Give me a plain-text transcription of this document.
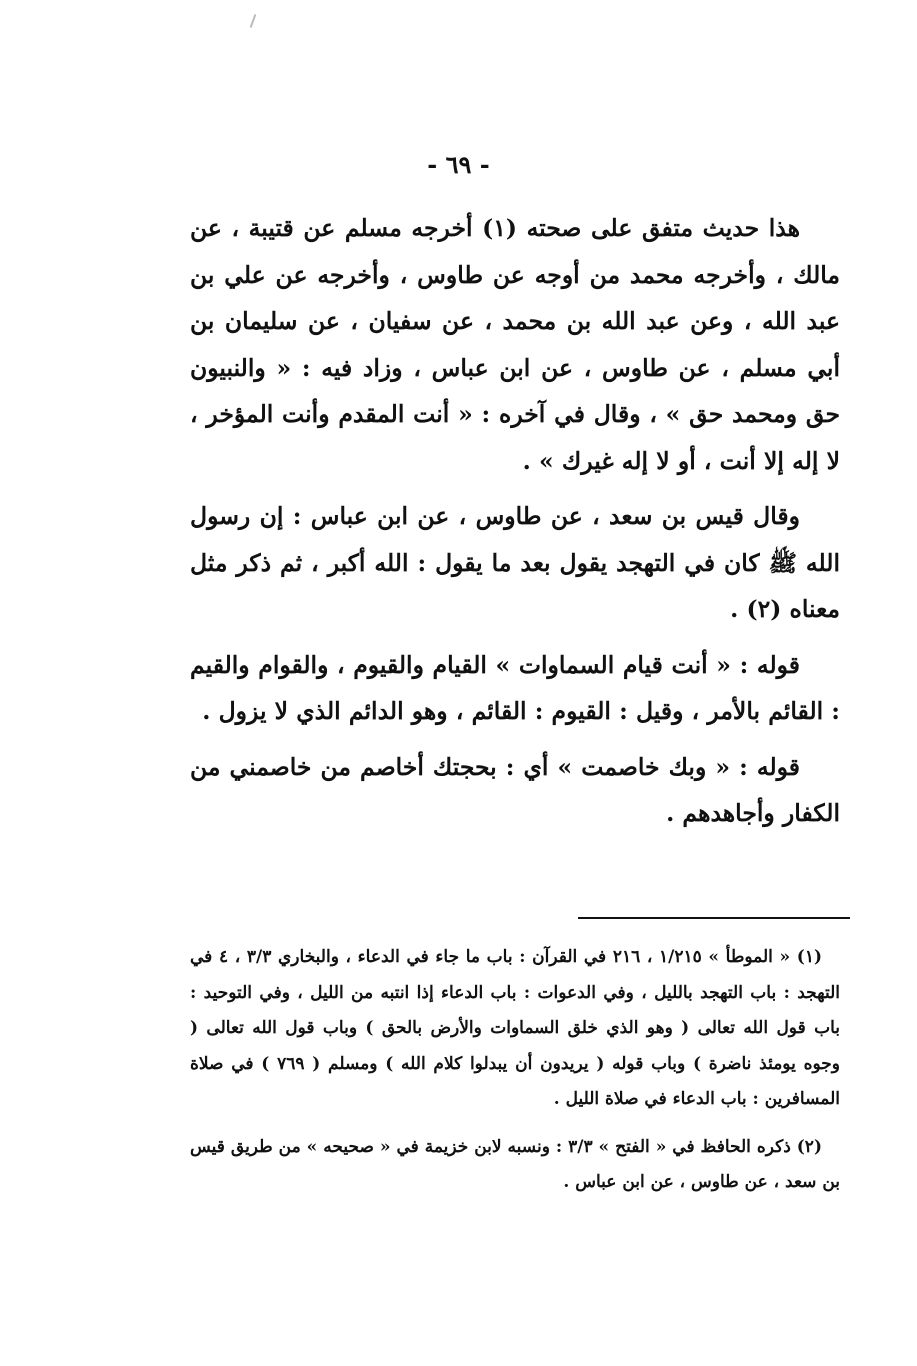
- ٦٩ -

هذا حديث متفق على صحته (١) أخرجه مسلم عن قتيبة ، عن مالك ، وأخرجه محمد من أوجه عن طاوس ، وأخرجه عن علي بن عبد الله ، وعن عبد الله بن محمد ، عن سفيان ، عن سليمان بن أبي مسلم ، عن طاوس ، عن ابن عباس ، وزاد فيه : « والنبيون حق ومحمد حق » ، وقال في آخره : « أنت المقدم وأنت المؤخر ، لا إله إلا أنت ، أو لا إله غيرك » .

وقال قيس بن سعد ، عن طاوس ، عن ابن عباس : إن رسول الله ﷺ كان في التهجد يقول بعد ما يقول : الله أكبر ، ثم ذكر مثل معناه (٢) .

قوله : « أنت قيام السماوات » القيام والقيوم ، والقوام والقيم : القائم بالأمر ، وقيل : القيوم : القائم ، وهو الدائم الذي لا يزول .

قوله : « وبك خاصمت » أي : بحجتك أخاصم من خاصمني من الكفار وأجاهدهم .

(١) « الموطأ » ١/٢١٥ ، ٢١٦ في القرآن : باب ما جاء في الدعاء ، والبخاري ٣/٣ ، ٤ في التهجد : باب التهجد بالليل ، وفي الدعوات : باب الدعاء إذا انتبه من الليل ، وفي التوحيد : باب قول الله تعالى ( وهو الذي خلق السماوات والأرض بالحق ) وباب قول الله تعالى ( وجوه يومئذ ناضرة ) وباب قوله ( يريدون أن يبدلوا كلام الله ) ومسلم ( ٧٦٩ ) في صلاة المسافرين : باب الدعاء في صلاة الليل .

(٢) ذكره الحافظ في « الفتح » ٣/٣ : ونسبه لابن خزيمة في « صحيحه » من طريق قيس بن سعد ، عن طاوس ، عن ابن عباس .
